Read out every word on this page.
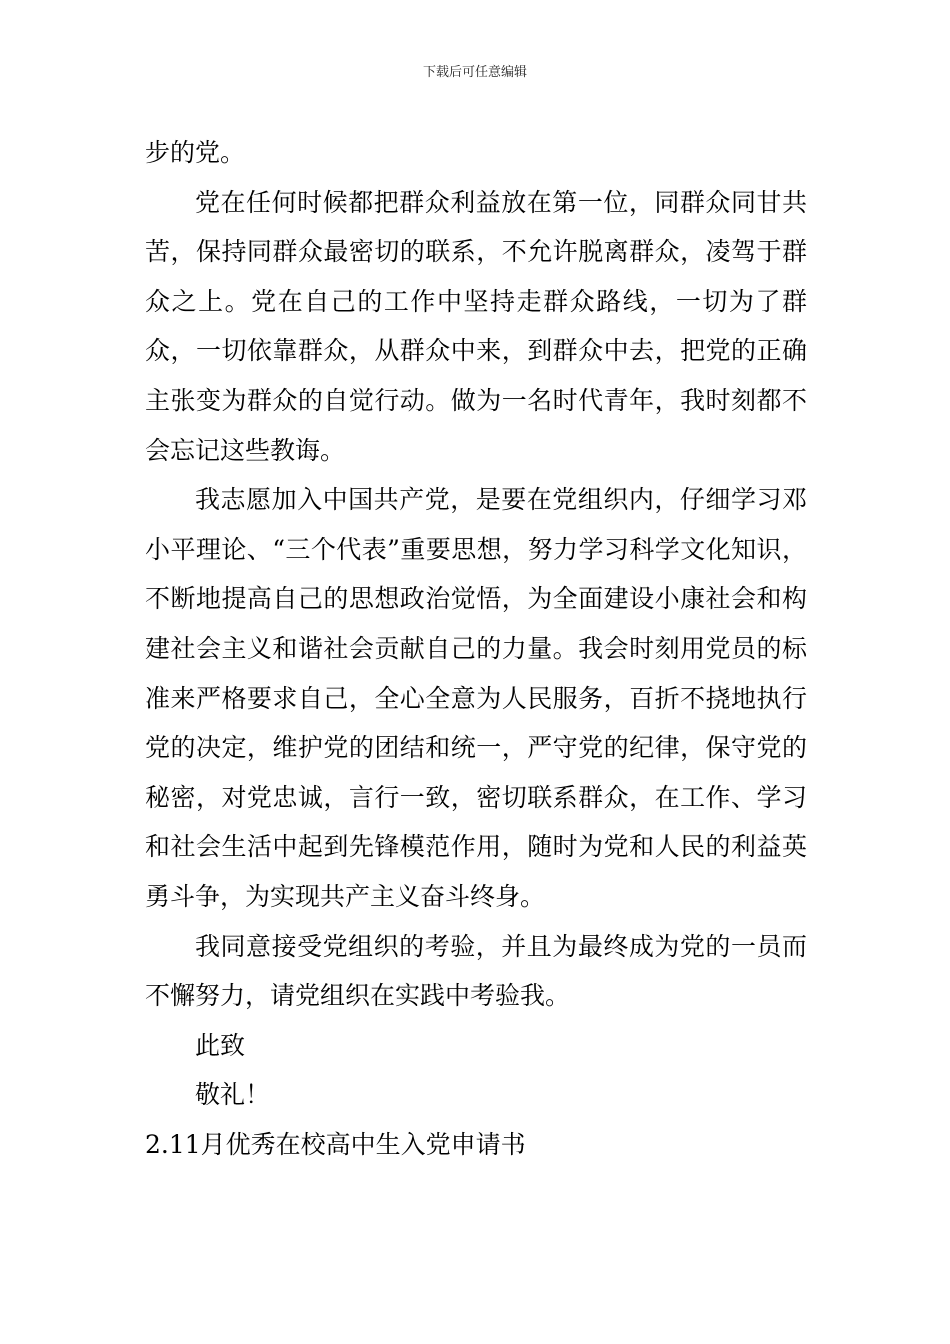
下载后可任意编辑

步的党。

党在任何时候都把群众利益放在第一位，同群众同甘共苦，保持同群众最密切的联系，不允许脱离群众，凌驾于群众之上。党在自己的工作中坚持走群众路线，一切为了群众，一切依靠群众，从群众中来，到群众中去，把党的正确主张变为群众的自觉行动。做为一名时代青年，我时刻都不会忘记这些教诲。

我志愿加入中国共产党，是要在党组织内，仔细学习邓小平理论、“三个代表”重要思想，努力学习科学文化知识，不断地提高自己的思想政治觉悟，为全面建设小康社会和构建社会主义和谐社会贡献自己的力量。我会时刻用党员的标准来严格要求自己，全心全意为人民服务，百折不挠地执行党的决定，维护党的团结和统一，严守党的纪律，保守党的秘密，对党忠诚，言行一致，密切联系群众，在工作、学习和社会生活中起到先锋模范作用，随时为党和人民的利益英勇斗争，为实现共产主义奋斗终身。

我同意接受党组织的考验，并且为最终成为党的一员而不懈努力，请党组织在实践中考验我。

此致

敬礼！

2.11月优秀在校高中生入党申请书
